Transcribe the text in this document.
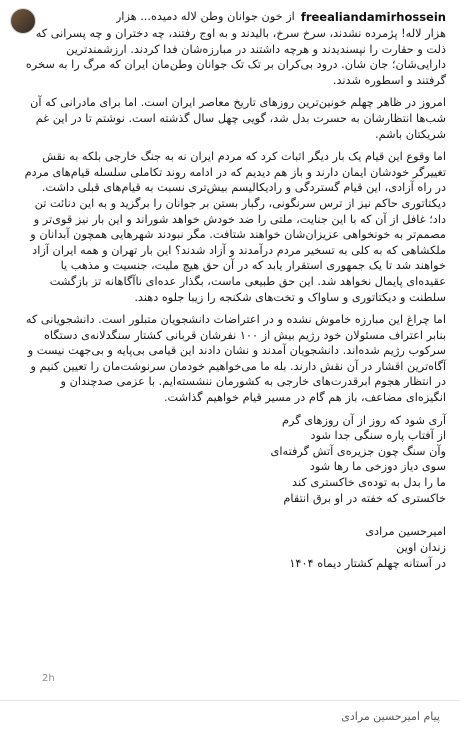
freealiandamirhossein
از خون جوانان وطن لاله دمیده... هزار

هزار لاله! پژمرده نشدند، سرخ سرخ، بالیدند و به اوج رفتند، چه دختران و چه پسرانی که ذلت و حقارت را نپسندیدند و هرچه داشتند در مبارزه‌شان فدا کردند. ارزشمندترین دارایی‌شان؛ جان شان. درود بی‌کران بر تک تک جوانان وطن‌مان ایران که مرگ را به سخره گرفتند و اسطوره شدند.

امروز در ظاهر چهلم خونین‌ترین روزهای تاریخ معاصر ایران است. اما برای مادرانی که آن شب‌ها انتظارشان به حسرت بدل شد، گویی چهل سال گذشته است. نوشتم تا در این غم شریکتان باشم.

اما وقوع این قیام یک بار دیگر اثبات کرد که مردم ایران نه به جنگ خارجی بلکه به نقش تغییرگر خودشان ایمان دارند و باز هم دیدیم که در ادامه روند تکاملی سلسله قیام‌های مردم در راه آزادی، این قیام گستردگی و رادیکالیسم بیش‌تری نسبت به قیام‌های قبلی داشت. دیکتاتوری حاکم نیز از ترس سرنگونی، رگبار بستن بر جوانان را برگزید و به این دنائت تن داد؛ غافل از آن که با این جنایت، ملتی را ضد خودش خواهد شوراند و این بار نیز قوی‌تر و مصمم‌تر به خونخواهی عزیزان‌شان خواهند شتافت. مگر نبودند شهرهایی همچون آبدانان و ملکشاهی که به کلی به تسخیر مردم درآمدند و آزاد شدند؟ این بار تهران و همه ایران آزاد خواهند شد تا یک جمهوری استقرار یابد که در آن حق هیچ ملیت، جنسیت و مذهب یا عقیده‌ای پایمال نخواهد شد. این حق طبیعی ماست، بگذار عده‌ای ناآگاهانه تز بازگشت سلطنت و دیکتاتوری و ساواک و تخت‌های شکنجه را زیبا جلوه دهند.

اما چراغ این مبارزه خاموش نشده و در اعتراضات دانشجویان متبلور است. دانشجویانی که بنابر اعتراف مسئولان خود رژیم بیش از ۱۰۰ نفرشان قربانی کشتار سنگدلانه‌ی دستگاه سرکوب رژیم شده‌اند. دانشجویان آمدند و نشان دادند این قیامی بی‌پایه و بی‌جهت نیست و آگاه‌ترین اقشار در آن نقش دارند. بله ما می‌خواهیم خودمان سرنوشت‌مان را تعیین کنیم و در انتظار هجوم ابرقدرت‌های خارجی به کشورمان ننشسته‌ایم. با عزمی صدچندان و انگیزه‌ای مضاعف، باز هم گام در مسیر قیام خواهیم گذاشت.

آری شود که روز از آن روزهای گرم
از آفتاب پاره سنگی جدا شود
وآن سنگ چون جزیره‌ی آتش گرفته‌ای
سوی دیاز دوزخی ما رها شود
ما را بدل به توده‌ی خاکستری کند
خاکستری که خفته در او برق انتقام
امیرحسین مرادی
زندان اوین
در آستانه چهلم کشتار دیماه ۱۴۰۴
2h
پیام امیرحسین مرادی
